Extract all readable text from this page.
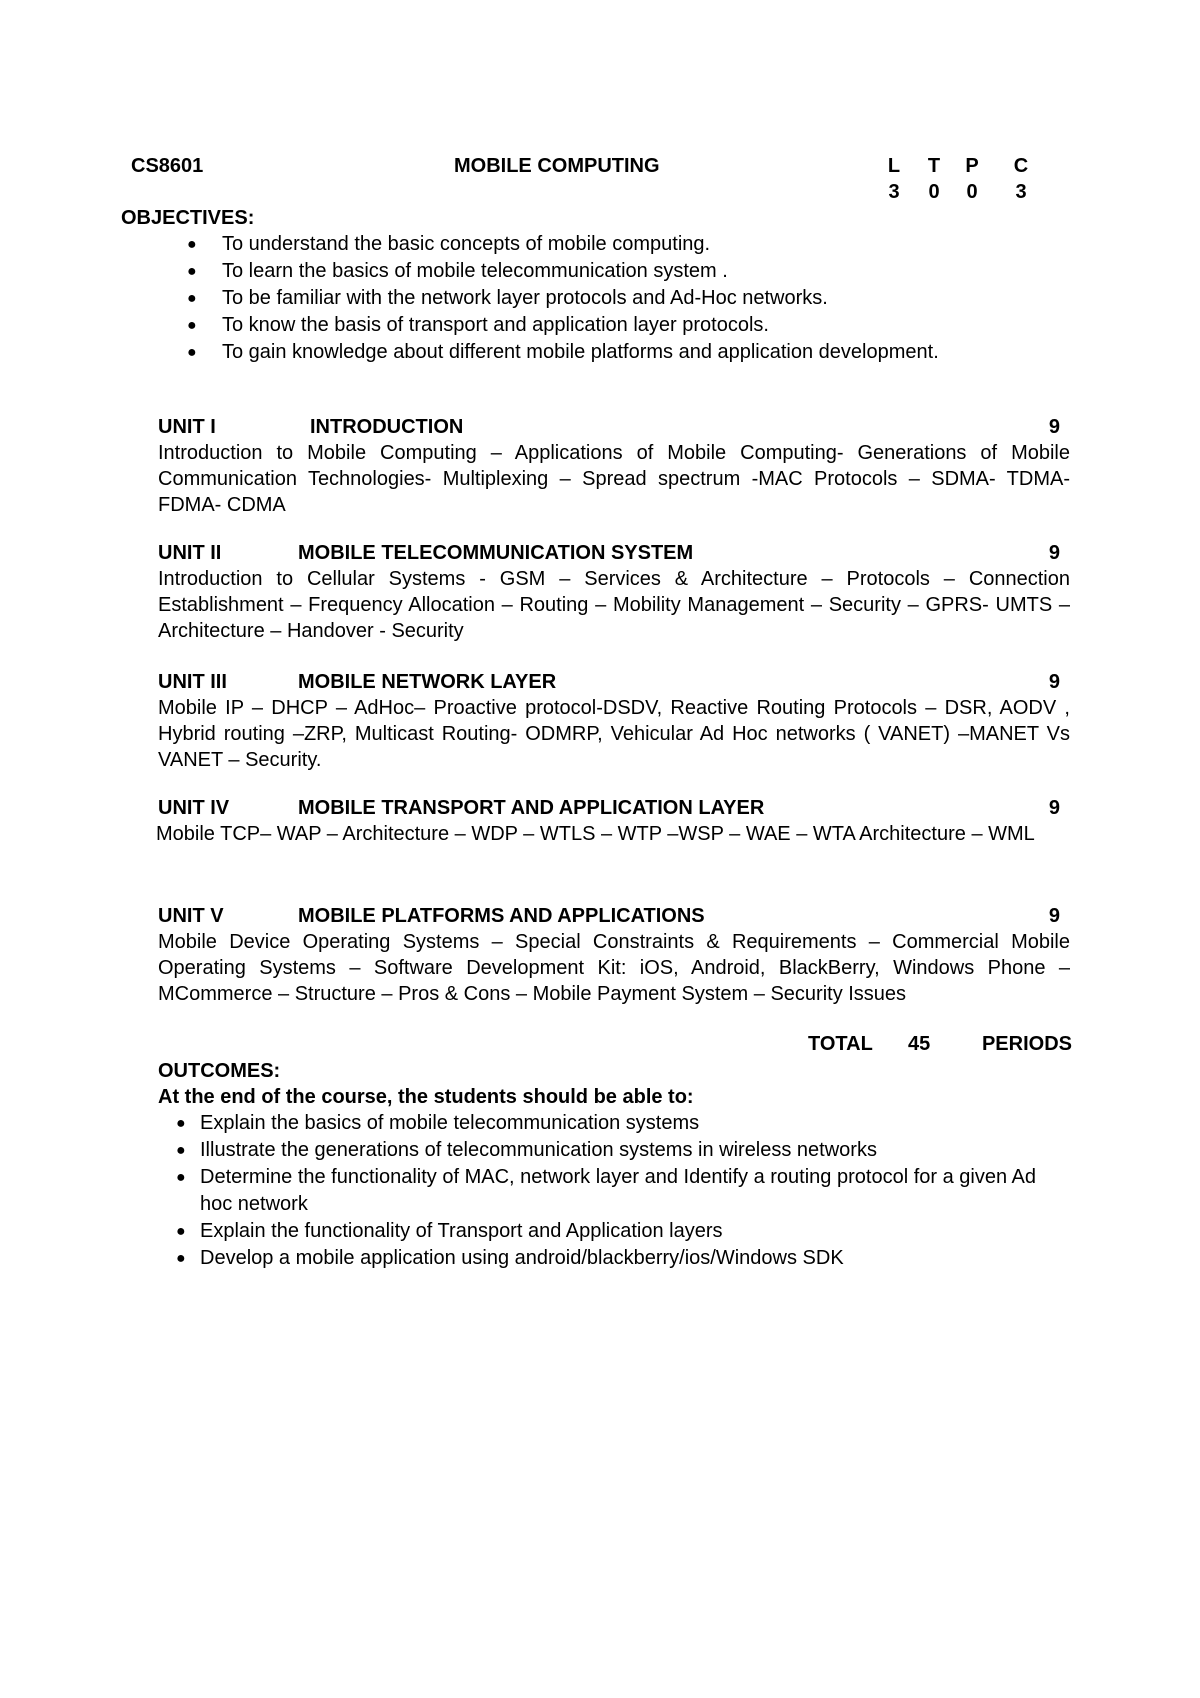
CS8601	MOBILE COMPUTING	L T P C
3 0 0 3
OBJECTIVES:
● To understand the basic concepts of mobile computing.
● To learn the basics of mobile telecommunication system .
● To be familiar with the network layer protocols and Ad-Hoc networks.
● To know the basis of transport and application layer protocols.
● To gain knowledge about different mobile platforms and application development.
UNIT I	INTRODUCTION	9
Introduction to Mobile Computing – Applications of Mobile Computing- Generations of Mobile Communication Technologies- Multiplexing – Spread spectrum -MAC Protocols – SDMA- TDMA- FDMA- CDMA
UNIT II	MOBILE TELECOMMUNICATION SYSTEM	9
Introduction to Cellular Systems - GSM – Services & Architecture – Protocols – Connection Establishment – Frequency Allocation – Routing – Mobility Management – Security – GPRS- UMTS – Architecture – Handover - Security
UNIT III	MOBILE NETWORK LAYER	9
Mobile IP – DHCP – AdHoc– Proactive protocol-DSDV, Reactive Routing Protocols – DSR, AODV , Hybrid routing –ZRP, Multicast Routing- ODMRP, Vehicular Ad Hoc networks ( VANET) –MANET Vs VANET – Security.
UNIT IV	MOBILE TRANSPORT AND APPLICATION LAYER	9
Mobile TCP– WAP – Architecture – WDP – WTLS – WTP –WSP – WAE – WTA Architecture – WML
UNIT V	MOBILE PLATFORMS AND APPLICATIONS	9
Mobile Device Operating Systems – Special Constraints & Requirements – Commercial Mobile Operating Systems – Software Development Kit: iOS, Android, BlackBerry, Windows Phone – MCommerce – Structure – Pros & Cons – Mobile Payment System – Security Issues
TOTAL 45	PERIODS
OUTCOMES:
At the end of the course, the students should be able to:
● Explain the basics of mobile telecommunication systems
● Illustrate the generations of telecommunication systems in wireless networks
● Determine the functionality of MAC, network layer and Identify a routing protocol for a given Ad hoc network
● Explain the functionality of Transport and Application layers
● Develop a mobile application using android/blackberry/ios/Windows SDK
